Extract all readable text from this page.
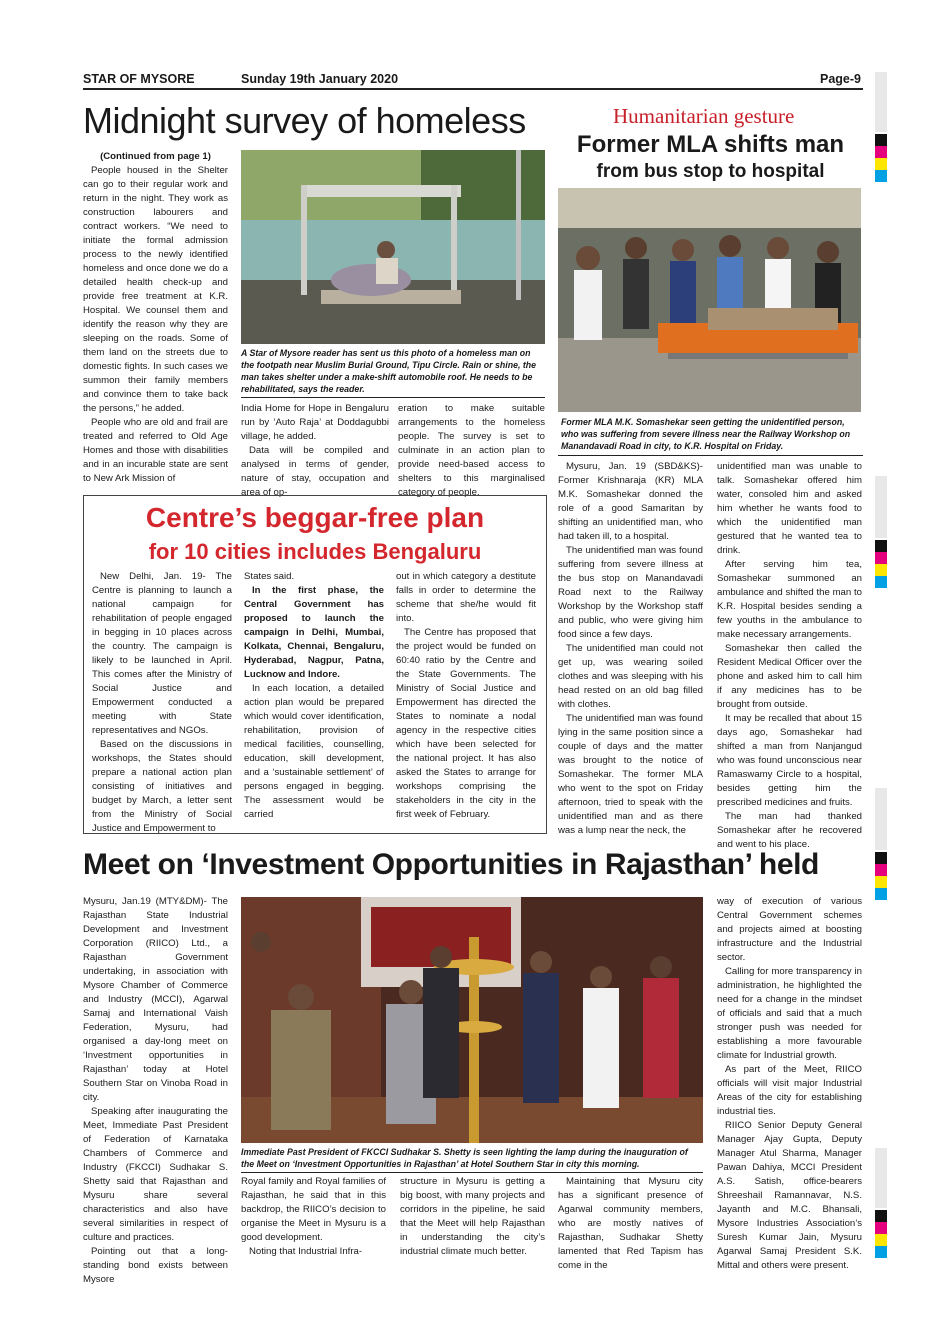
STAR OF MYSORE	Sunday 19th January 2020	Page-9
Midnight survey of homeless

(Continued from page 1)

People housed in the Shelter can go to their regular work and return in the night. They work as construction labourers and contract workers. “We need to initiate the formal admission process to the newly identified homeless and once done we do a detailed health check-up and provide free treatment at K.R. Hospital. We counsel them and identify the reason why they are sleeping on the roads. Some of them land on the streets due to domestic fights. In such cases we summon their family members and convince them to take back the persons,” he added.

People who are old and frail are treated and referred to Old Age Homes and those with disabilities and in an incurable state are sent to New Ark Mission of

A Star of Mysore reader has sent us this photo of a homeless man on the footpath near Muslim Burial Ground, Tipu Circle. Rain or shine, the man takes shelter under a make-shift automobile roof. He needs to be rehabilitated, says the reader.

India Home for Hope in Bengaluru run by ‘Auto Raja’ at Doddagubbi village, he added.

Data will be compiled and analysed in terms of gender, nature of stay, occupation and area of op-

eration to make suitable arrangements to the homeless people. The survey is set to culminate in an action plan to provide need-based access to shelters to this marginalised category of people.

Humanitarian gesture
Former MLA shifts man
from bus stop to hospital

Former MLA M.K. Somashekar seen getting the unidentified person, who was suffering from severe illness near the Railway Workshop on Manandavadi Road in city, to K.R. Hospital on Friday.

Mysuru, Jan. 19 (SBD&KS)- Former Krishnaraja (KR) MLA M.K. Somashekar donned the role of a good Samaritan by shifting an unidentified man, who had taken ill, to a hospital.

The unidentified man was found suffering from severe illness at the bus stop on Manandavadi Road next to the Railway Workshop by the Workshop staff and public, who were giving him food since a few days.

The unidentified man could not get up, was wearing soiled clothes and was sleeping with his head rested on an old bag filled with clothes.

The unidentified man was found lying in the same position since a couple of days and the matter was brought to the notice of Somashekar. The former MLA who went to the spot on Friday afternoon, tried to speak with the unidentified man and as there was a lump near the neck, the

unidentified man was unable to talk. Somashekar offered him water, consoled him and asked him whether he wants food to which the unidentified man gestured that he wanted tea to drink.

After serving him tea, Somashekar summoned an ambulance and shifted the man to K.R. Hospital besides sending a few youths in the ambulance to make necessary arrangements.

Somashekar then called the Resident Medical Officer over the phone and asked him to call him if any medicines has to be brought from outside.

It may be recalled that about 15 days ago, Somashekar had shifted a man from Nanjangud who was found unconscious near Ramaswamy Circle to a hospital, besides getting him the prescribed medicines and fruits.

The man had thanked Somashekar after he recovered and went to his place.

Centre’s beggar-free plan
for 10 cities includes Bengaluru

New Delhi, Jan. 19- The Centre is planning to launch a national campaign for rehabilitation of people engaged in begging in 10 places across the country. The campaign is likely to be launched in April. This comes after the Ministry of Social Justice and Empowerment conducted a meeting with State representatives and NGOs.

Based on the discussions in workshops, the States should prepare a national action plan consisting of initiatives and budget by March, a letter sent from the Ministry of Social Justice and Empowerment to

States said.

In the first phase, the Central Government has proposed to launch the campaign in Delhi, Mumbai, Kolkata, Chennai, Bengaluru, Hyderabad, Nagpur, Patna, Lucknow and Indore.

In each location, a detailed action plan would be prepared which would cover identification, rehabilitation, provision of medical facilities, counselling, education, skill development, and a ‘sustainable settlement’ of persons engaged in begging. The assessment would be carried

out in which category a destitute falls in order to determine the scheme that she/he would fit into.

The Centre has proposed that the project would be funded on 60:40 ratio by the Centre and the State Governments. The Ministry of Social Justice and Empowerment has directed the States to nominate a nodal agency in the respective cities which have been selected for the national project. It has also asked the States to arrange for workshops comprising the stakeholders in the city in the first week of February.

Meet on ‘Investment Opportunities in Rajasthan’ held

Mysuru, Jan.19 (MTY&DM)- The Rajasthan State Industrial Development and Investment Corporation (RIICO) Ltd., a Rajasthan Government undertaking, in association with Mysore Chamber of Commerce and Industry (MCCI), Agarwal Samaj and International Vaish Federation, Mysuru, had organised a day-long meet on ‘Investment opportunities in Rajasthan’ today at Hotel Southern Star on Vinoba Road in city.

Speaking after inaugurating the Meet, Immediate Past President of Federation of Karnataka Chambers of Commerce and Industry (FKCCI) Sudhakar S. Shetty said that Rajasthan and Mysuru share several characteristics and also have several similarities in respect of culture and practices.

Pointing out that a long-standing bond exists between Mysore

Immediate Past President of FKCCI Sudhakar S. Shetty is seen lighting the lamp during the inauguration of the Meet on ‘Investment Opportunities in Rajasthan’ at Hotel Southern Star in city this morning.

Royal family and Royal families of Rajasthan, he said that in this backdrop, the RIICO’s decision to organise the Meet in Mysuru is a good development.

Noting that Industrial Infra-

structure in Mysuru is getting a big boost, with many projects and corridors in the pipeline, he said that the Meet will help Rajasthan in understanding the city’s industrial climate much better.

Maintaining that Mysuru city has a significant presence of Agarwal community members, who are mostly natives of Rajasthan, Sudhakar Shetty lamented that Red Tapism has come in the

way of execution of various Central Government schemes and projects aimed at boosting infrastructure and the Industrial sector.

Calling for more transparency in administration, he highlighted the need for a change in the mindset of officials and said that a much stronger push was needed for establishing a more favourable climate for Industrial growth.

As part of the Meet, RIICO officials will visit major Industrial Areas of the city for establishing industrial ties.

RIICO Senior Deputy General Manager Ajay Gupta, Deputy Manager Atul Sharma, Manager Pawan Dahiya, MCCI President A.S. Satish, office-bearers Shreeshail Ramannavar, N.S. Jayanth and M.C. Bhansali, Mysore Industries Association’s Suresh Kumar Jain, Mysuru Agarwal Samaj President S.K. Mittal and others were present.
